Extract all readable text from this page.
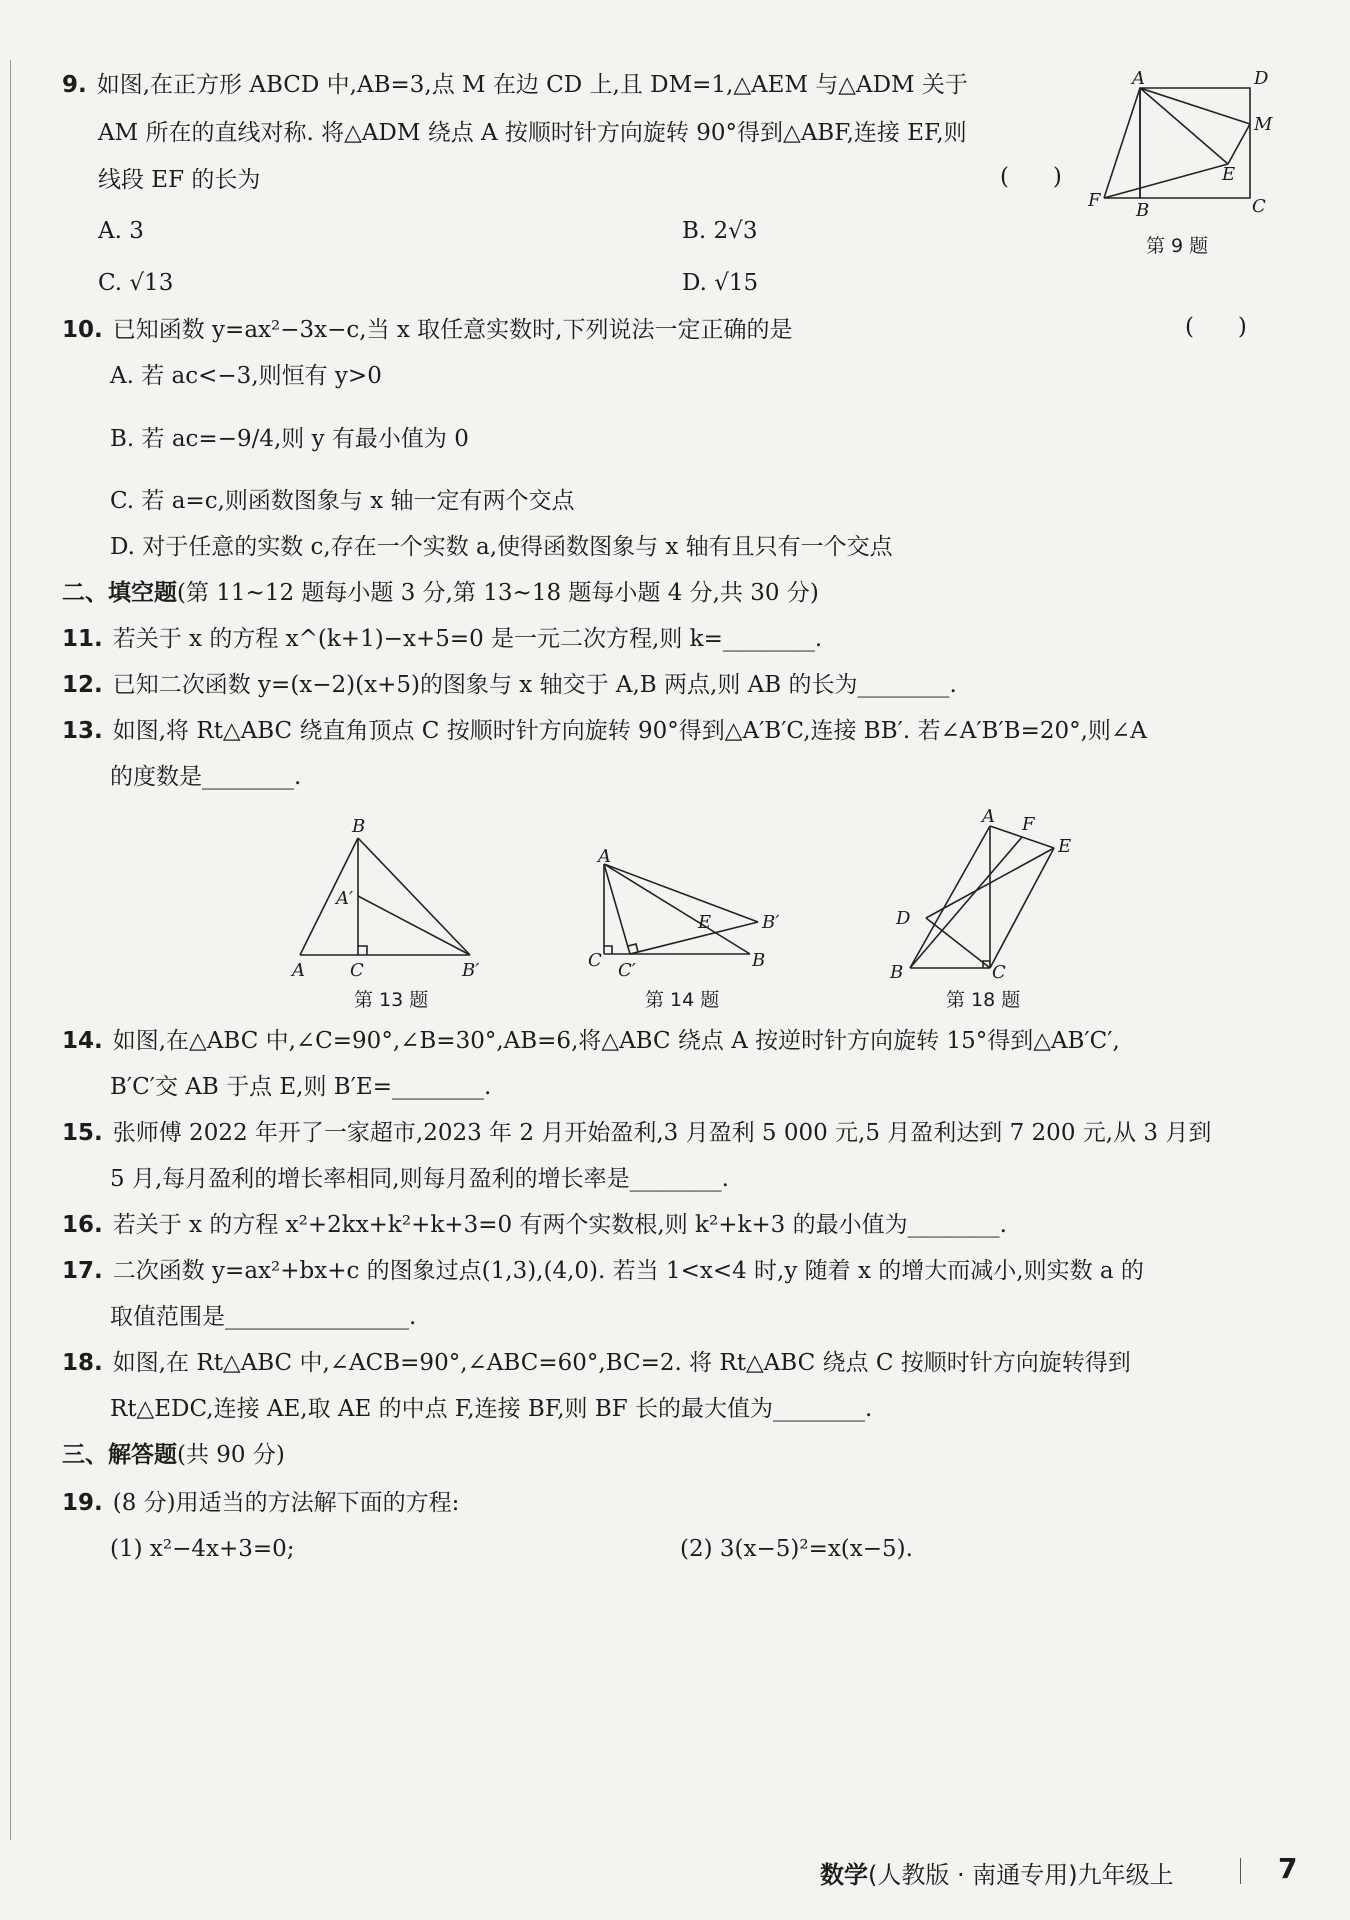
9. 如图,在正方形 ABCD 中,AB=3,点 M 在边 CD 上,且 DM=1,△AEM 与△ADM 关于
AM 所在的直线对称. 将△ADM 绕点 A 按顺时针方向旋转 90°得到△ABF,连接 EF,则
线段 EF 的长为	(      )
A. 3	B. 2√3
C. √13	D. √15
A	D
M
E
F B	C
第 9 题
10. 已知函数 y=ax²−3x−c,当 x 取任意实数时,下列说法一定正确的是	(      )
A. 若 ac<−3,则恒有 y>0
B. 若 ac=−9/4,则 y 有最小值为 0
C. 若 a=c,则函数图象与 x 轴一定有两个交点
D. 对于任意的实数 c,存在一个实数 a,使得函数图象与 x 轴有且只有一个交点
二、填空题(第 11~12 题每小题 3 分,第 13~18 题每小题 4 分,共 30 分)
11. 若关于 x 的方程 x^(k+1)−x+5=0 是一元二次方程,则 k=________.
12. 已知二次函数 y=(x−2)(x+5)的图象与 x 轴交于 A,B 两点,则 AB 的长为________.
13. 如图,将 Rt△ABC 绕直角顶点 C 按顺时针方向旋转 90°得到△A′B′C,连接 BB′. 若∠A′B′B=20°,则∠A
的度数是________.
B
A′
A	C	B′
第 13 题
A
E	B′
C C′	B
第 14 题
A F
E
D
B	C
第 18 题
14. 如图,在△ABC 中,∠C=90°,∠B=30°,AB=6,将△ABC 绕点 A 按逆时针方向旋转 15°得到△AB′C′,
B′C′交 AB 于点 E,则 B′E=________.
15. 张师傅 2022 年开了一家超市,2023 年 2 月开始盈利,3 月盈利 5 000 元,5 月盈利达到 7 200 元,从 3 月到
5 月,每月盈利的增长率相同,则每月盈利的增长率是________.
16. 若关于 x 的方程 x²+2kx+k²+k+3=0 有两个实数根,则 k²+k+3 的最小值为________.
17. 二次函数 y=ax²+bx+c 的图象过点(1,3),(4,0). 若当 1<x<4 时,y 随着 x 的增大而减小,则实数 a 的
取值范围是________________.
18. 如图,在 Rt△ABC 中,∠ACB=90°,∠ABC=60°,BC=2. 将 Rt△ABC 绕点 C 按顺时针方向旋转得到
Rt△EDC,连接 AE,取 AE 的中点 F,连接 BF,则 BF 长的最大值为________.
三、解答题(共 90 分)
19. (8 分)用适当的方法解下面的方程:
(1) x²−4x+3=0;	(2) 3(x−5)²=x(x−5).
数学(人教版 · 南通专用)九年级上	7
